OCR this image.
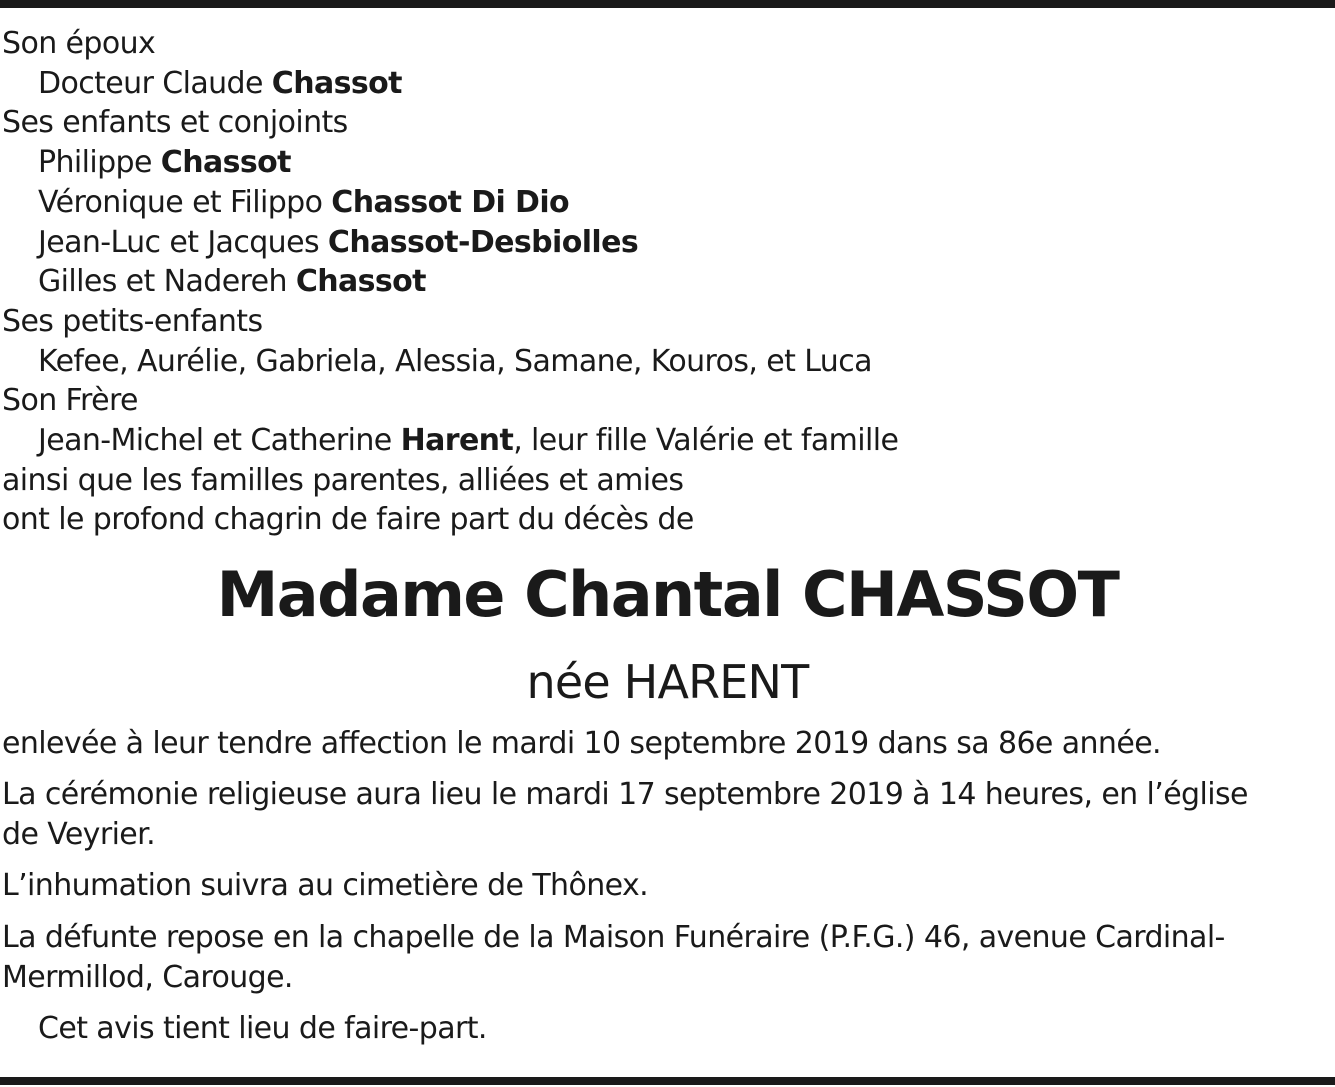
Son époux
Docteur Claude Chassot
Ses enfants et conjoints
Philippe Chassot
Véronique et Filippo Chassot Di Dio
Jean-Luc et Jacques Chassot-Desbiolles
Gilles et Nadereh Chassot
Ses petits-enfants
Kefee, Aurélie, Gabriela, Alessia, Samane, Kouros, et Luca
Son Frère
Jean-Michel et Catherine Harent, leur fille Valérie et famille
ainsi que les familles parentes, alliées et amies
ont le profond chagrin de faire part du décès de
Madame Chantal CHASSOT
née HARENT
enlevée à leur tendre affection le mardi 10 septembre 2019 dans sa 86e année.
La cérémonie religieuse aura lieu le mardi 17 septembre 2019 à 14 heures, en l’église
de Veyrier.
L’inhumation suivra au cimetière de Thônex.
La défunte repose en la chapelle de la Maison Funéraire (P.F.G.) 46, avenue Cardinal-
Mermillod, Carouge.
Cet avis tient lieu de faire-part.
